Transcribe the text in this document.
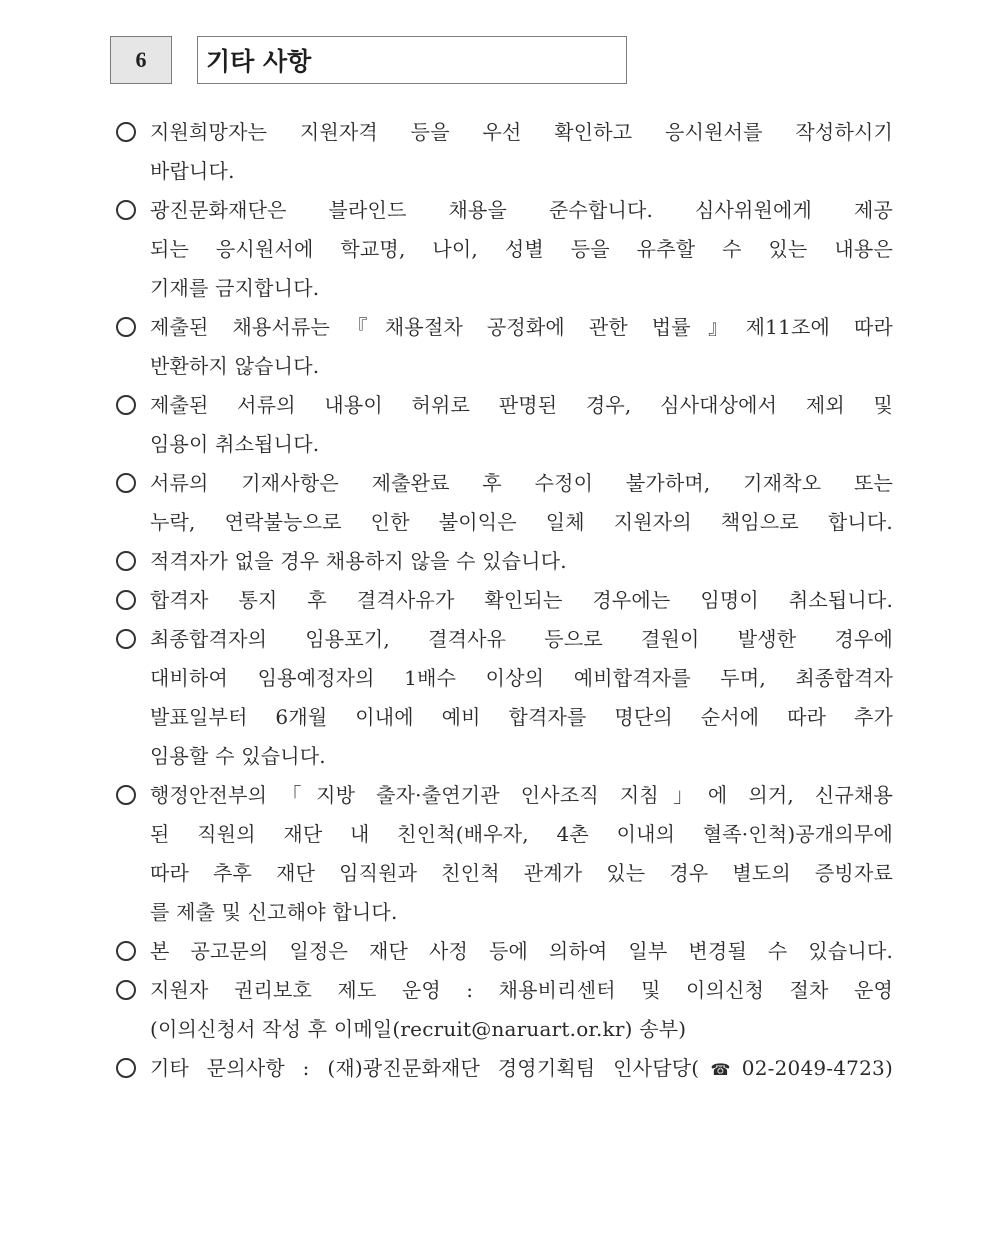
6	기타 사항
지원희망자는 지원자격 등을 우선 확인하고 응시원서를 작성하시기
바랍니다.
광진문화재단은 블라인드 채용을 준수합니다. 심사위원에게 제공
되는 응시원서에 학교명, 나이, 성별 등을 유추할 수 있는 내용은
기재를 금지합니다.
제출된 채용서류는『채용절차 공정화에 관한 법률』제11조에 따라
반환하지 않습니다.
제출된 서류의 내용이 허위로 판명된 경우, 심사대상에서 제외 및
임용이 취소됩니다.
서류의 기재사항은 제출완료 후 수정이 불가하며, 기재착오 또는
누락, 연락불능으로 인한 불이익은 일체 지원자의 책임으로 합니다.
적격자가 없을 경우 채용하지 않을 수 있습니다.
합격자 통지 후 결격사유가 확인되는 경우에는 임명이 취소됩니다.
최종합격자의 임용포기, 결격사유 등으로 결원이 발생한 경우에
대비하여 임용예정자의 1배수 이상의 예비합격자를 두며, 최종합격자
발표일부터 6개월 이내에 예비 합격자를 명단의 순서에 따라 추가
임용할 수 있습니다.
행정안전부의「지방 출자·출연기관 인사조직 지침」에 의거, 신규채용
된 직원의 재단 내 친인척(배우자, 4촌 이내의 혈족·인척)공개의무에
따라 추후 재단 임직원과 친인척 관계가 있는 경우 별도의 증빙자료
를 제출 및 신고해야 합니다.
본 공고문의 일정은 재단 사정 등에 의하여 일부 변경될 수 있습니다.
지원자 권리보호 제도 운영 : 채용비리센터 및 이의신청 절차 운영
(이의신청서 작성 후 이메일(recruit@naruart.or.kr) 송부)
기타 문의사항 : (재)광진문화재단 경영기획팀 인사담당(☎02-2049-4723)
